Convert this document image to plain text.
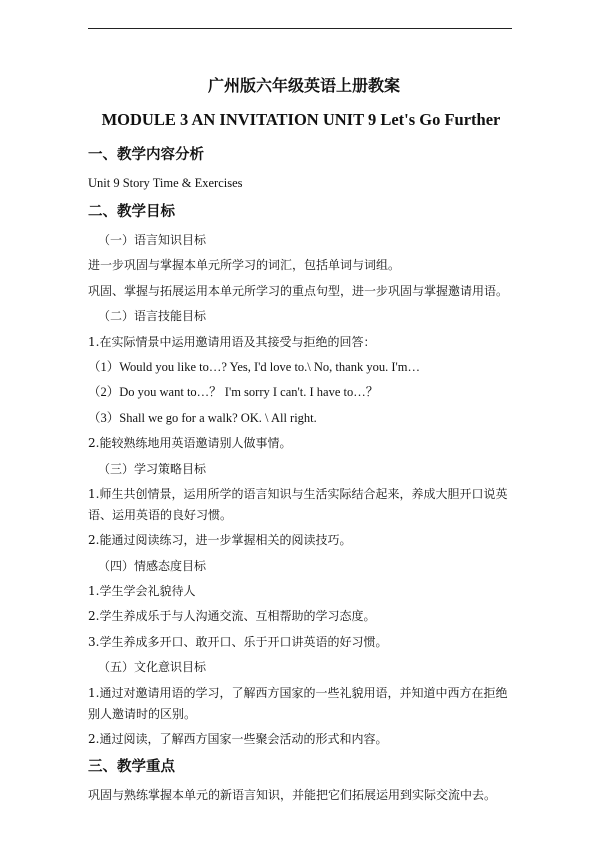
广州版六年级英语上册教案
MODULE 3 AN INVITATION UNIT 9 Let's Go Further
一、教学内容分析
Unit 9 Story Time & Exercises
二、教学目标
（一）语言知识目标
进一步巩固与掌握本单元所学习的词汇，包括单词与词组。
巩固、掌握与拓展运用本单元所学习的重点句型，进一步巩固与掌握邀请用语。
（二）语言技能目标
1.在实际情景中运用邀请用语及其接受与拒绝的回答：
（1）Would you like to…? Yes, I'd love to.\ No, thank you. I'm…
（2）Do you want to…？ I'm sorry I can't. I have to…？
（3）Shall we go for a walk? OK. \ All right.
2.能较熟练地用英语邀请别人做事情。
（三）学习策略目标
1.师生共创情景，运用所学的语言知识与生活实际结合起来，养成大胆开口说英
语、运用英语的良好习惯。
2.能通过阅读练习，进一步掌握相关的阅读技巧。
（四）情感态度目标
1.学生学会礼貌待人
2.学生养成乐于与人沟通交流、互相帮助的学习态度。
3.学生养成多开口、敢开口、乐于开口讲英语的好习惯。
（五）文化意识目标
1.通过对邀请用语的学习，了解西方国家的一些礼貌用语，并知道中西方在拒绝
别人邀请时的区别。
2.通过阅读，了解西方国家一些聚会活动的形式和内容。
三、教学重点
巩固与熟练掌握本单元的新语言知识，并能把它们拓展运用到实际交流中去。
